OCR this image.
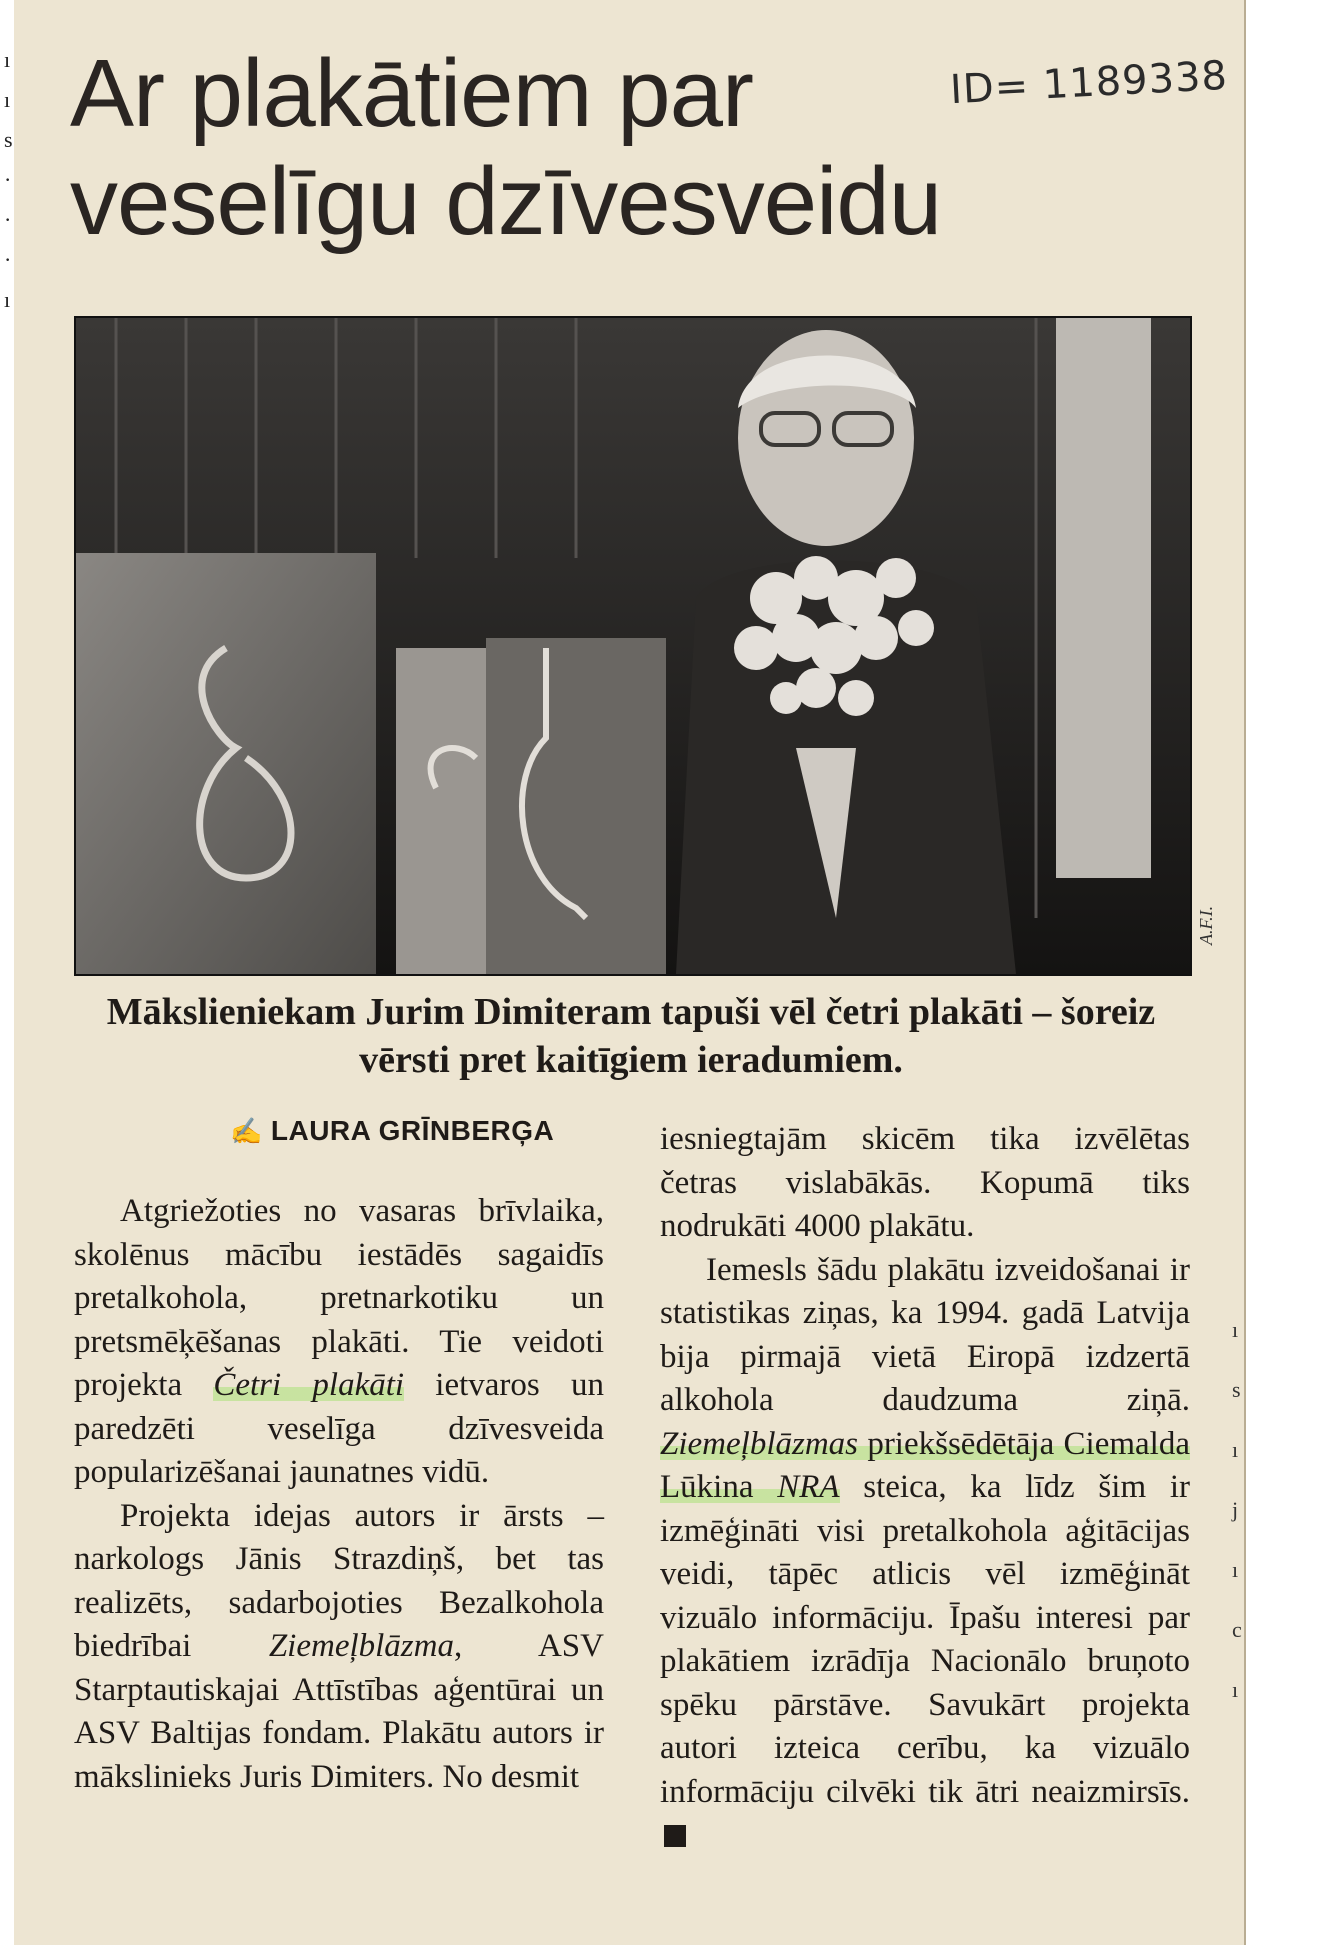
ı
ı
s
·
·
·
ı
ı
s
ı
j
ı
c
ı
Ar plakātiem par
veselīgu dzīvesveidu
ID= 1189338
A.F.I.

Mākslieniekam Jurim Dimiteram tapuši vēl četri plakāti – šoreiz vērsti pret kaitīgiem ieradumiem.

✍ LAURA GRĪNBERĢA

Atgriežoties no vasaras brīvlaika, skolēnus mācību iestādēs sagaidīs pretalkohola, pretnarkotiku un pretsmēķēšanas plakāti. Tie veidoti projekta Četri plakāti ietvaros un paredzēti veselīga dzīvesveida popularizēšanai jaunatnes vidū.

Projekta idejas autors ir ārsts – narkologs Jānis Strazdiņš, bet tas realizēts, sadarbojoties Bezalkohola biedrībai Ziemeļblāzma, ASV Starptautiskajai Attīstības aģentūrai un ASV Baltijas fondam. Plakātu autors ir mākslinieks Juris Dimiters. No desmit

iesniegtajām skicēm tika izvēlētas četras vislabākās. Kopumā tiks nodrukāti 4000 plakātu.

Iemesls šādu plakātu izveidošanai ir statistikas ziņas, ka 1994. gadā Latvija bija pirmajā vietā Eiropā izdzertā alkohola daudzuma ziņā. Ziemeļblāzmas priekšsēdētāja Ciemalda Lūkina NRA steica, ka līdz šim ir izmēģināti visi pretalkohola aģitācijas veidi, tāpēc atlicis vēl izmēģināt vizuālo informāciju. Īpašu interesi par plakātiem izrādīja Nacionālo bruņoto spēku pārstāve. Savukārt projekta autori izteica cerību, ka vizuālo informāciju cilvēki tik ātri neaizmirsīs.
